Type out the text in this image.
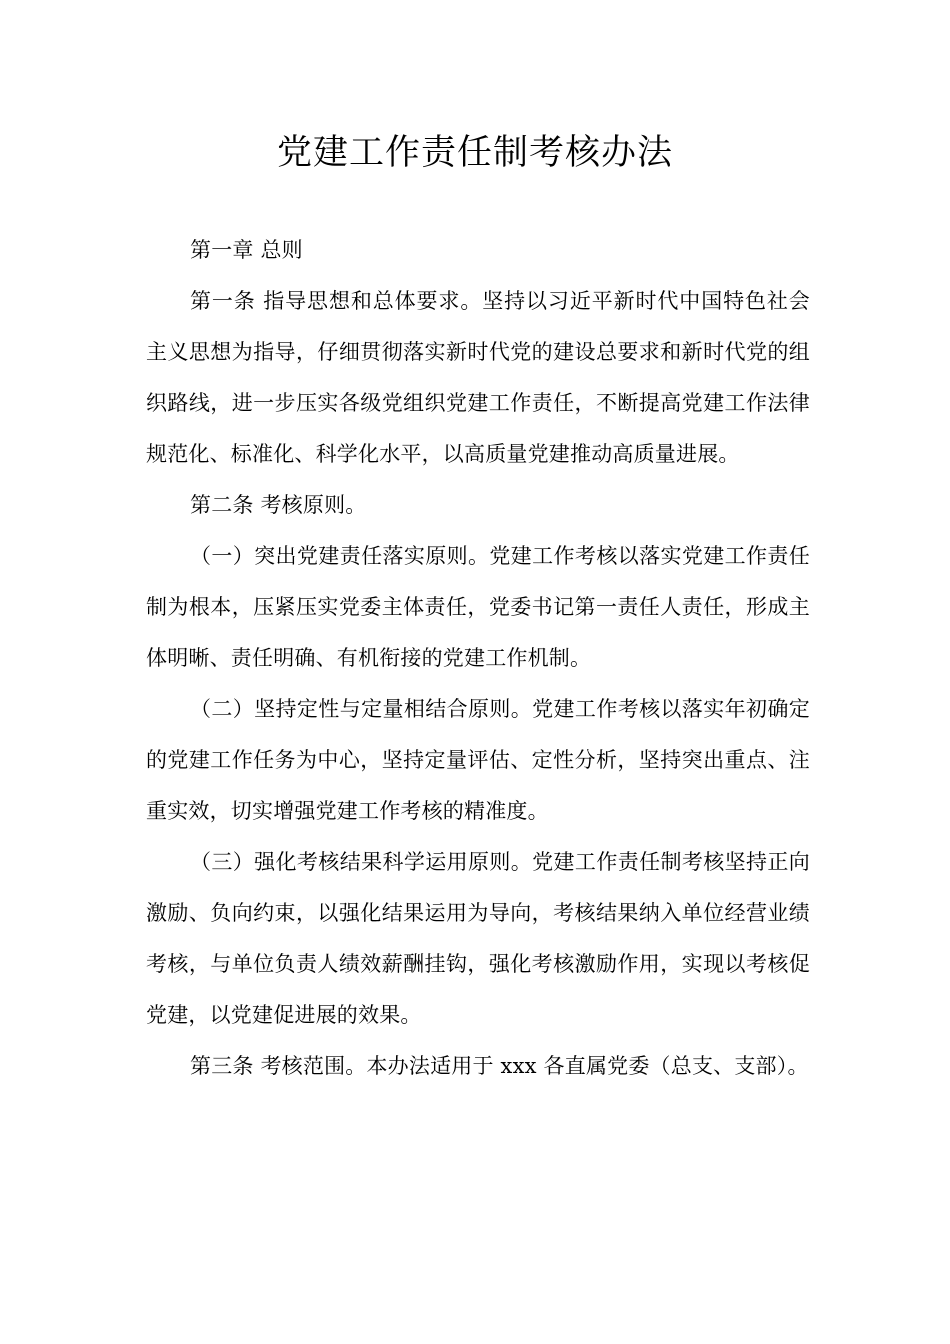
党建工作责任制考核办法

第一章 总则

第一条 指导思想和总体要求。坚持以习近平新时代中国特色社会主义思想为指导，仔细贯彻落实新时代党的建设总要求和新时代党的组织路线，进一步压实各级党组织党建工作责任，不断提高党建工作法律规范化、标准化、科学化水平，以高质量党建推动高质量进展。

第二条 考核原则。

（一）突出党建责任落实原则。党建工作考核以落实党建工作责任制为根本，压紧压实党委主体责任，党委书记第一责任人责任，形成主体明晰、责任明确、有机衔接的党建工作机制。

（二）坚持定性与定量相结合原则。党建工作考核以落实年初确定的党建工作任务为中心，坚持定量评估、定性分析，坚持突出重点、注重实效，切实增强党建工作考核的精准度。

（三）强化考核结果科学运用原则。党建工作责任制考核坚持正向激励、负向约束，以强化结果运用为导向，考核结果纳入单位经营业绩考核，与单位负责人绩效薪酬挂钩，强化考核激励作用，实现以考核促党建，以党建促进展的效果。

第三条 考核范围。本办法适用于 xxx 各直属党委（总支、支部）。
